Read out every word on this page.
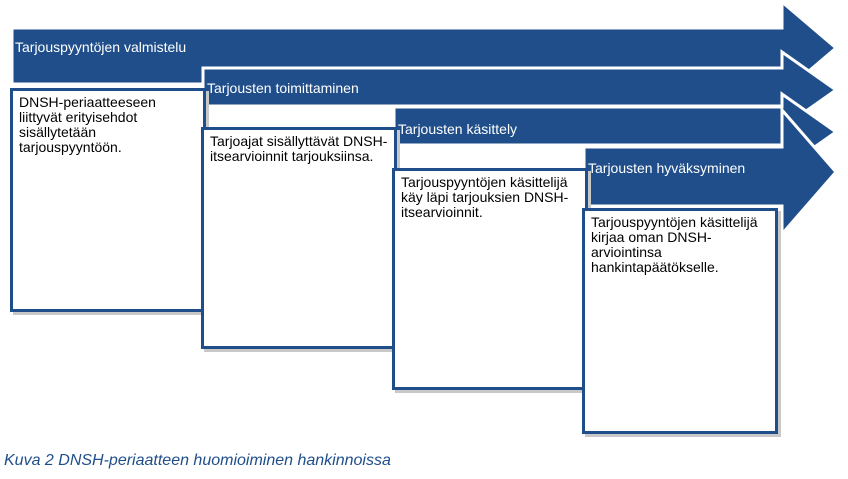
DNSH-periaatteeseen liittyvät erityisehdot sisällytetään tarjouspyyntöön.	Tarjoajat sisällyttävät DNSH-itsearvioinnit tarjouksiinsa.
Tarjouspyyntöjen käsittelijä käy läpi tarjouksien DNSH-itsearvioinnit.
Tarjouspyyntöjen käsittelijä kirjaa oman DNSH-arviointinsa hankintapäätökselle.
Tarjouspyyntöjen valmistelu
Tarjousten toimittaminen
Tarjousten käsittely
Tarjousten hyväksyminen
Kuva 2 DNSH-periaatteen huomioiminen hankinnoissa
